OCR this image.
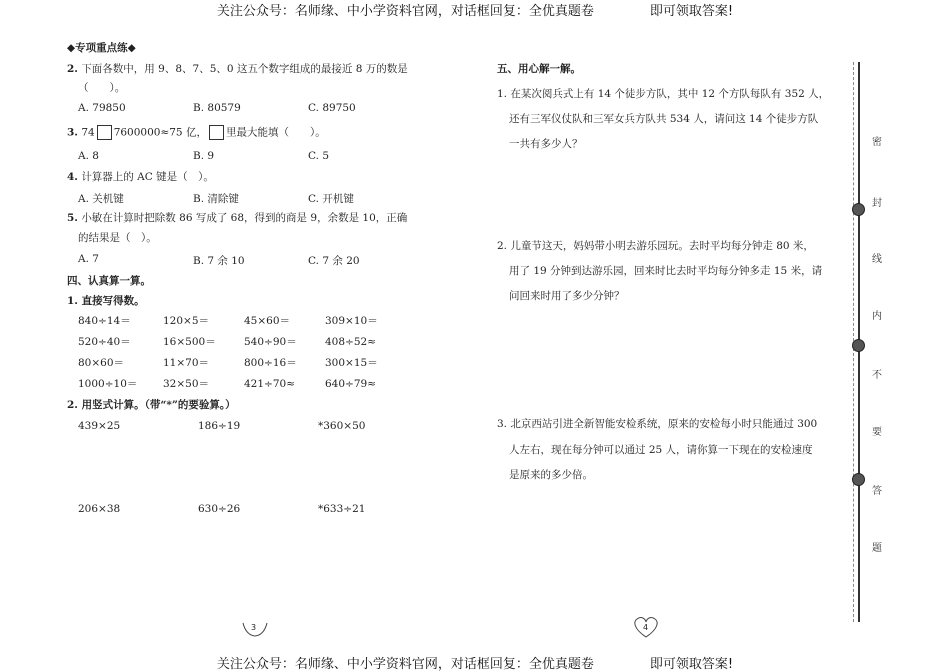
关注公众号：名师缘、中小学资料官网，对话框回复：全优真题卷	即可领取答案!
关注公众号：名师缘、中小学资料官网，对话框回复：全优真题卷	即可领取答案!
◆专项重点练◆
2. 下面各数中，用 9、8、7、5、0 这五个数字组成的最接近 8 万的数是
（　　）。
A. 79850	B. 80579	C. 89750
3. 74 7600000≈75 亿， 里最大能填（　　）。
A. 8	B. 9	C. 5
4. 计算器上的 AC 键是（　）。
A. 关机键	B. 清除键	C. 开机键
5. 小敏在计算时把除数 86 写成了 68，得到的商是 9，余数是 10，正确
的结果是（　）。
A. 7	B. 7 余 10	C. 7 余 20
四、认真算一算。
1. 直接写得数。
840÷14＝	120×5＝	45×60＝	309×10＝
520÷40＝	16×500＝	540÷90＝	408÷52≈
80×60＝	11×70＝	800÷16＝	300×15＝
1000÷10＝ 32×50＝	421÷70≈	640÷79≈
2. 用竖式计算。（带“*”的要验算。）
439×25	186÷19	*360×50
206×38	630÷26	*633÷21
五、用心解一解。
1. 在某次阅兵式上有 14 个徒步方队，其中 12 个方队每队有 352 人，
还有三军仪仗队和三军女兵方队共 534 人，请问这 14 个徒步方队
一共有多少人？
2. 儿童节这天，妈妈带小明去游乐园玩。去时平均每分钟走 80 米，
用了 19 分钟到达游乐园，回来时比去时平均每分钟多走 15 米，请
问回来时用了多少分钟？
3. 北京西站引进全新智能安检系统，原来的安检每小时只能通过 300
人左右，现在每分钟可以通过 25 人，请你算一下现在的安检速度
是原来的多少倍。
密
封
线
内
不
要
答
题
3	4
